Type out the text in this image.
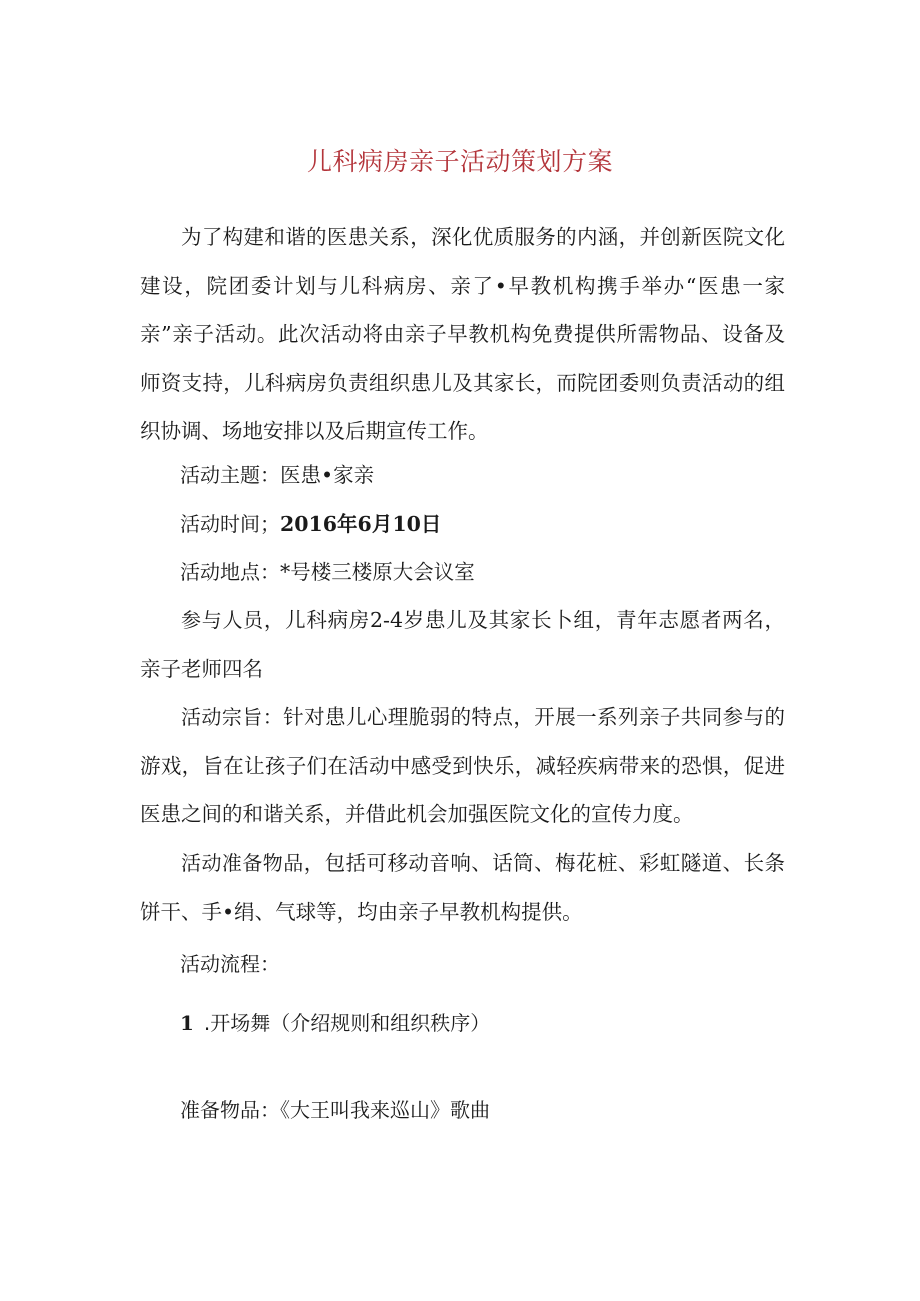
儿科病房亲子活动策划方案

为了构建和谐的医患关系，深化优质服务的内涵，并创新医院文化建设，院团委计划与儿科病房、亲了•早教机构携手举办“医患一家亲”亲子活动。此次活动将由亲子早教机构免费提供所需物品、设备及师资支持，儿科病房负责组织患儿及其家长，而院团委则负责活动的组织协调、场地安排以及后期宣传工作。

活动主题：医患•家亲
活动时间；2016年6月10日
活动地点：*号楼三楼原大会议室

参与人员，儿科病房2-4岁患儿及其家长卜组，青年志愿者两名，亲子老师四名

活动宗旨：针对患儿心理脆弱的特点，开展一系列亲子共同参与的游戏，旨在让孩子们在活动中感受到快乐，减轻疾病带来的恐惧，促进医患之间的和谐关系，并借此机会加强医院文化的宣传力度。

活动准备物品，包括可移动音响、话筒、梅花桩、彩虹隧道、长条饼干、手•绢、气球等，均由亲子早教机构提供。

活动流程：
1 .开场舞（介绍规则和组织秩序）
准备物品：《大王叫我来巡山》歌曲
